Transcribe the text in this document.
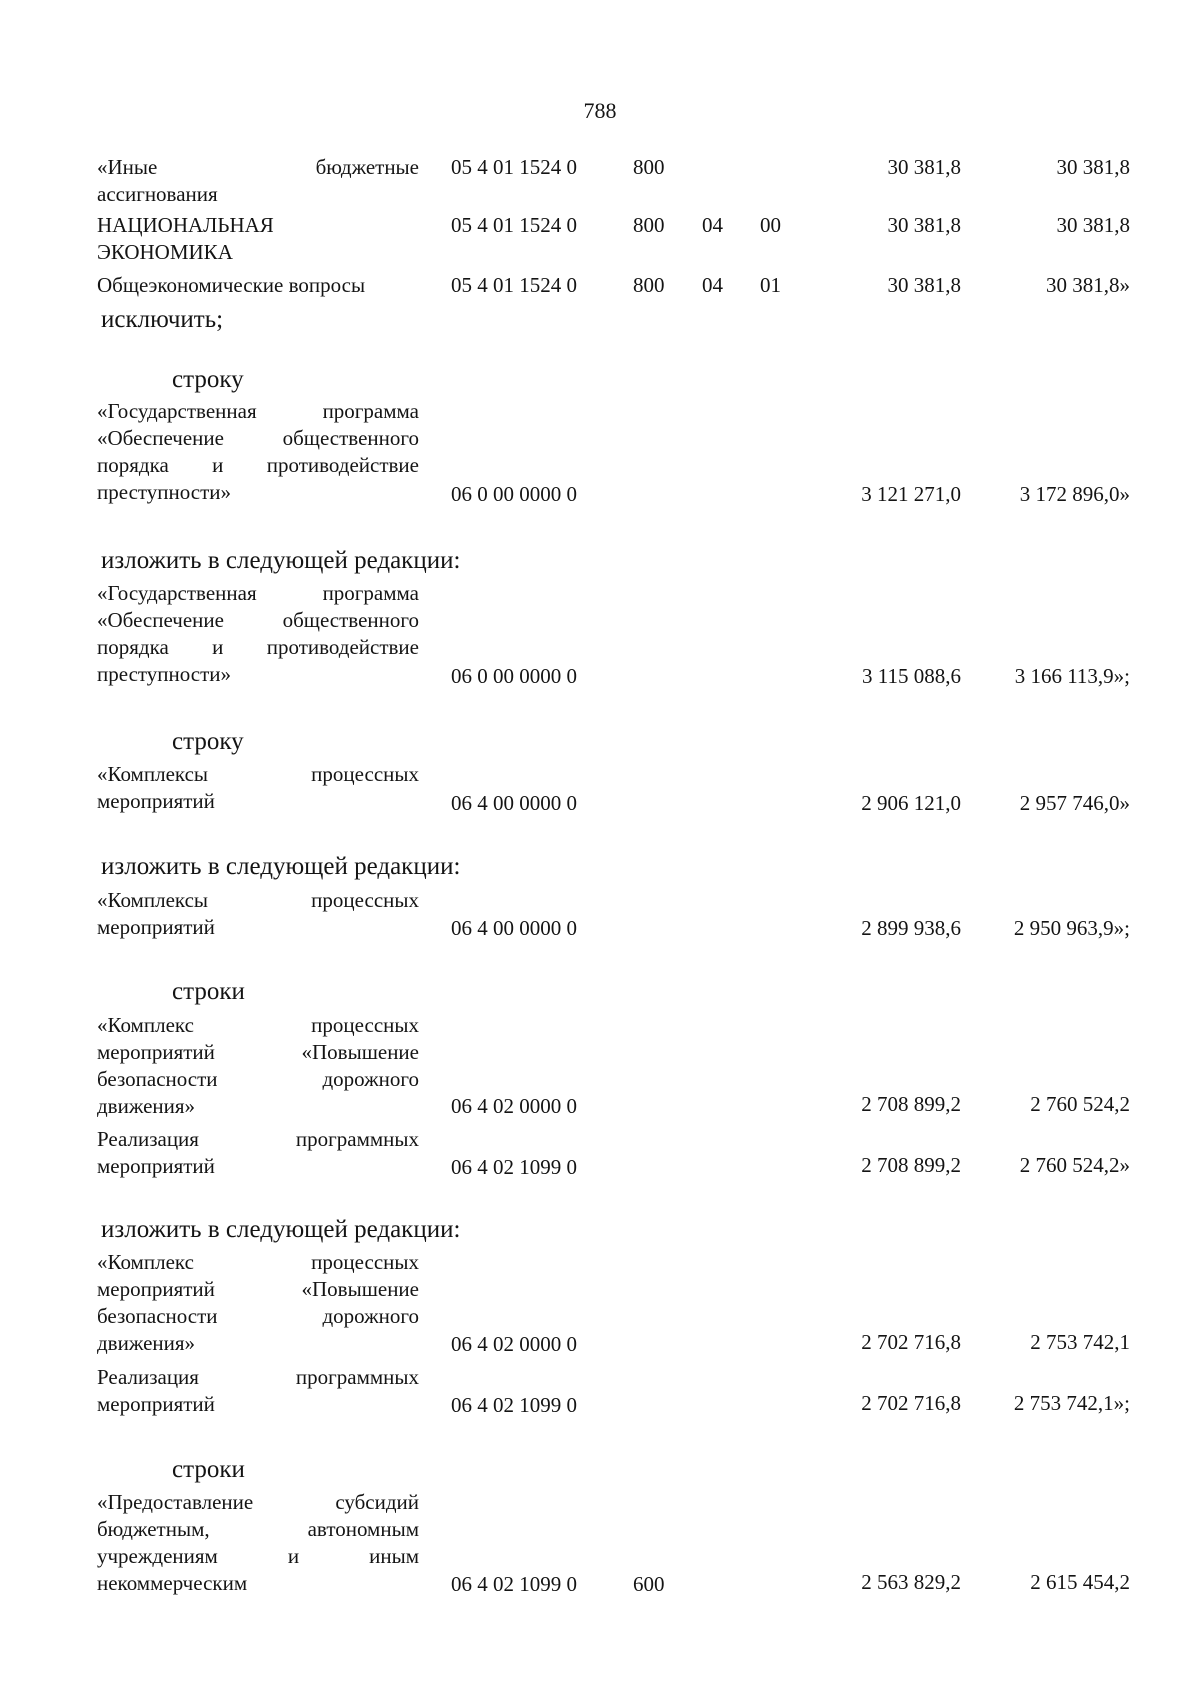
788
«Иные бюджетные
ассигнования
05 4 01 1524 0	800	30 381,8	30 381,8
НАЦИОНАЛЬНАЯ
ЭКОНОМИКА
05 4 01 1524 0	800 04 00	30 381,8	30 381,8
Общеэкономические вопросы	05 4 01 1524 0	800 04 01	30 381,8	30 381,8»
исключить;
строку
«Государственная программа
«Обеспечение общественного
порядка и противодействие
преступности»	06 0 00 0000 0	3 121 271,0	3 172 896,0»
изложить в следующей редакции:
«Государственная программа
«Обеспечение общественного
порядка и противодействие
преступности»	06 0 00 0000 0	3 115 088,6	3 166 113,9»;
строку
«Комплексы процессных
мероприятий	06 4 00 0000 0	2 906 121,0	2 957 746,0»
изложить в следующей редакции:
«Комплексы процессных
мероприятий	06 4 00 0000 0	2 899 938,6	2 950 963,9»;
строки
«Комплекс процессных
мероприятий «Повышение
безопасности дорожного
движения»	06 4 02 0000 0	2 708 899,2	2 760 524,2
Реализация программных
мероприятий	06 4 02 1099 0	2 708 899,2	2 760 524,2»
изложить в следующей редакции:
«Комплекс процессных
мероприятий «Повышение
безопасности дорожного
движения»	06 4 02 0000 0	2 702 716,8	2 753 742,1
Реализация программных
мероприятий	06 4 02 1099 0	2 702 716,8	2 753 742,1»;
строки
«Предоставление субсидий
бюджетным, автономным
учреждениям и иным
некоммерческим	06 4 02 1099 0	600	2 563 829,2	2 615 454,2
